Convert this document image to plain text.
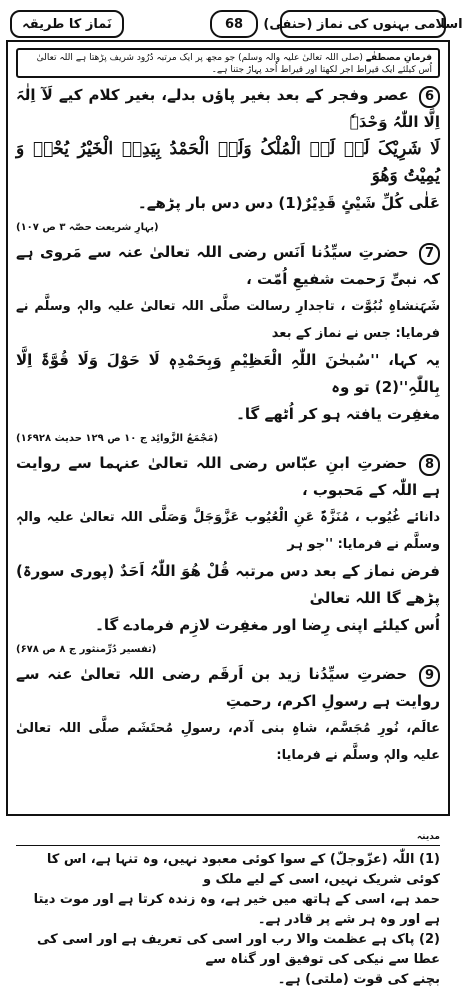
اسلامی بہنوں کی نماز (حنفی)
68
نَماز کا طریقہ
فرمانِ مصطفٰے (صلی اللہ تعالیٰ علیہ والہ وسلم) جو مجھ پر ایک مرتبہ دُرُود شریف پڑھتا ہے اللہ تعالیٰ اُس کیلئے ایک قیراط اجر لکھتا اور قیراط اُحد پہاڑ جتنا ہے۔

6 عصر وفجر کے بعد بغیر پاؤں بدلے، بغیر کلام کیے لَآ اِلٰہَ اِلَّا اللّٰہُ وَحْدَہٗ

لَا شَرِیْکَ لَہٗ لَہُ الْمُلْکُ وَلَہُ الْحَمْدُ بِیَدِہِ الْخَیْرُ یُحْیٖ وَ یُمِیْتُ وَھُوَ

عَلٰی کُلِّ شَیْئٍ قَدِیْرٌ(1) دس دس بار پڑھے۔

(بہارِ شریعت حصّہ ۳ ص ۱۰۷)

7 حضرتِ سیِّدُنا اَنَس رضی اللہ تعالیٰ عنہ سے مَروی ہے کہ نبیِّ رَحمت شفیعِ اُمّت ،

شَہَنشاہِ نُبُوَّت ، تاجدارِ رسالت صلَّی اللہ تعالیٰ علیہ والہٖ وسلَّم نے فرمایا: جس نے نماز کے بعد

یہ کہا، ''سُبحٰنَ اللّٰہِ الْعَظِیْمِ وَبِحَمْدِہٖ لَا حَوْلَ وَلَا قُوَّۃَ اِلَّا بِاللّٰہِ''(2) تو وہ

مغفِرت یافتہ ہو کر اُٹھے گا۔

(مَجْمَعُ الزَّوائِد ج ۱۰ ص ۱۲۹ حدیث ۱۶۹۲۸)

8 حضرتِ ابنِ عبّاس رضی اللہ تعالیٰ عنہما سے روایت ہے اللّٰہ کے مَحبوب ،

دانائے غُیُوب ، مُنَزَّہٌ عَنِ الْعُیُوب عَزَّوَجَلَّ وَصَلَّی اللہ تعالیٰ علیہ والہٖ وسلَّم نے فرمایا: ''جو ہر

فرض نماز کے بعد دس مرتبہ قُلْ ھُوَ اللّٰہُ اَحَدٌ (پوری سورۃ) پڑھے گا اللہ تعالیٰ

اُس کیلئے اپنی رِضا اور مغفِرت لازِم فرمادے گا۔

(تفسیر دُرِّمنثور ج ۸ ص ۶۷۸)

9 حضرتِ سیِّدُنا زید بن اَرقَم رضی اللہ تعالیٰ عنہ سے روایت ہے رسولِ اکرم، رحمتِ

عالَم، نُورِ مُجَسَّم، شاہِ بنی آدم، رسولِ مُحتَشَم صلَّی اللہ تعالیٰ علیہ والہٖ وسلَّم نے فرمایا:

مدینہ

(1) اللّٰہ (عزّوجلّ) کے سوا کوئی معبود نہیں، وہ تنہا ہے، اس کا کوئی شریک نہیں، اسی کے لیے ملک و

حمد ہے، اسی کے ہاتھ میں خیر ہے، وہ زندہ کرتا ہے اور موت دیتا ہے اور وہ ہر شے پر قادر ہے۔

(2) پاک ہے عظمت والا رب اور اسی کی تعریف ہے اور اسی کی عطا سے نیکی کی توفیق اور گناہ سے

بچنے کی قوت (ملتی) ہے۔
